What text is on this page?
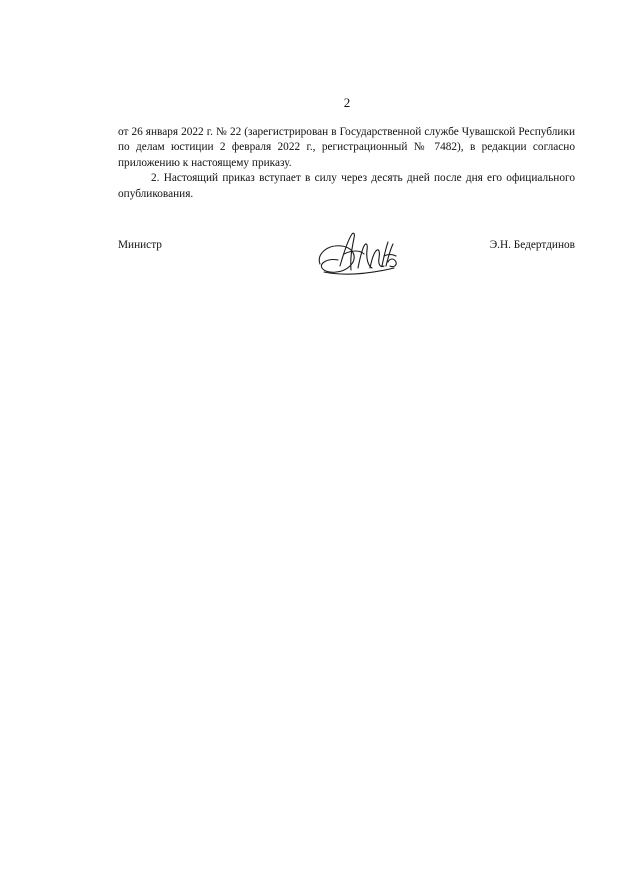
2

от 26 января 2022 г. № 22 (зарегистрирован в Государственной службе Чувашской Республики по делам юстиции 2 февраля 2022 г., регистрационный № 7482), в редакции согласно приложению к настоящему приказу.

2. Настоящий приказ вступает в силу через десять дней после дня его официального опубликования.

Министр	Э.Н. Бедертдинов
